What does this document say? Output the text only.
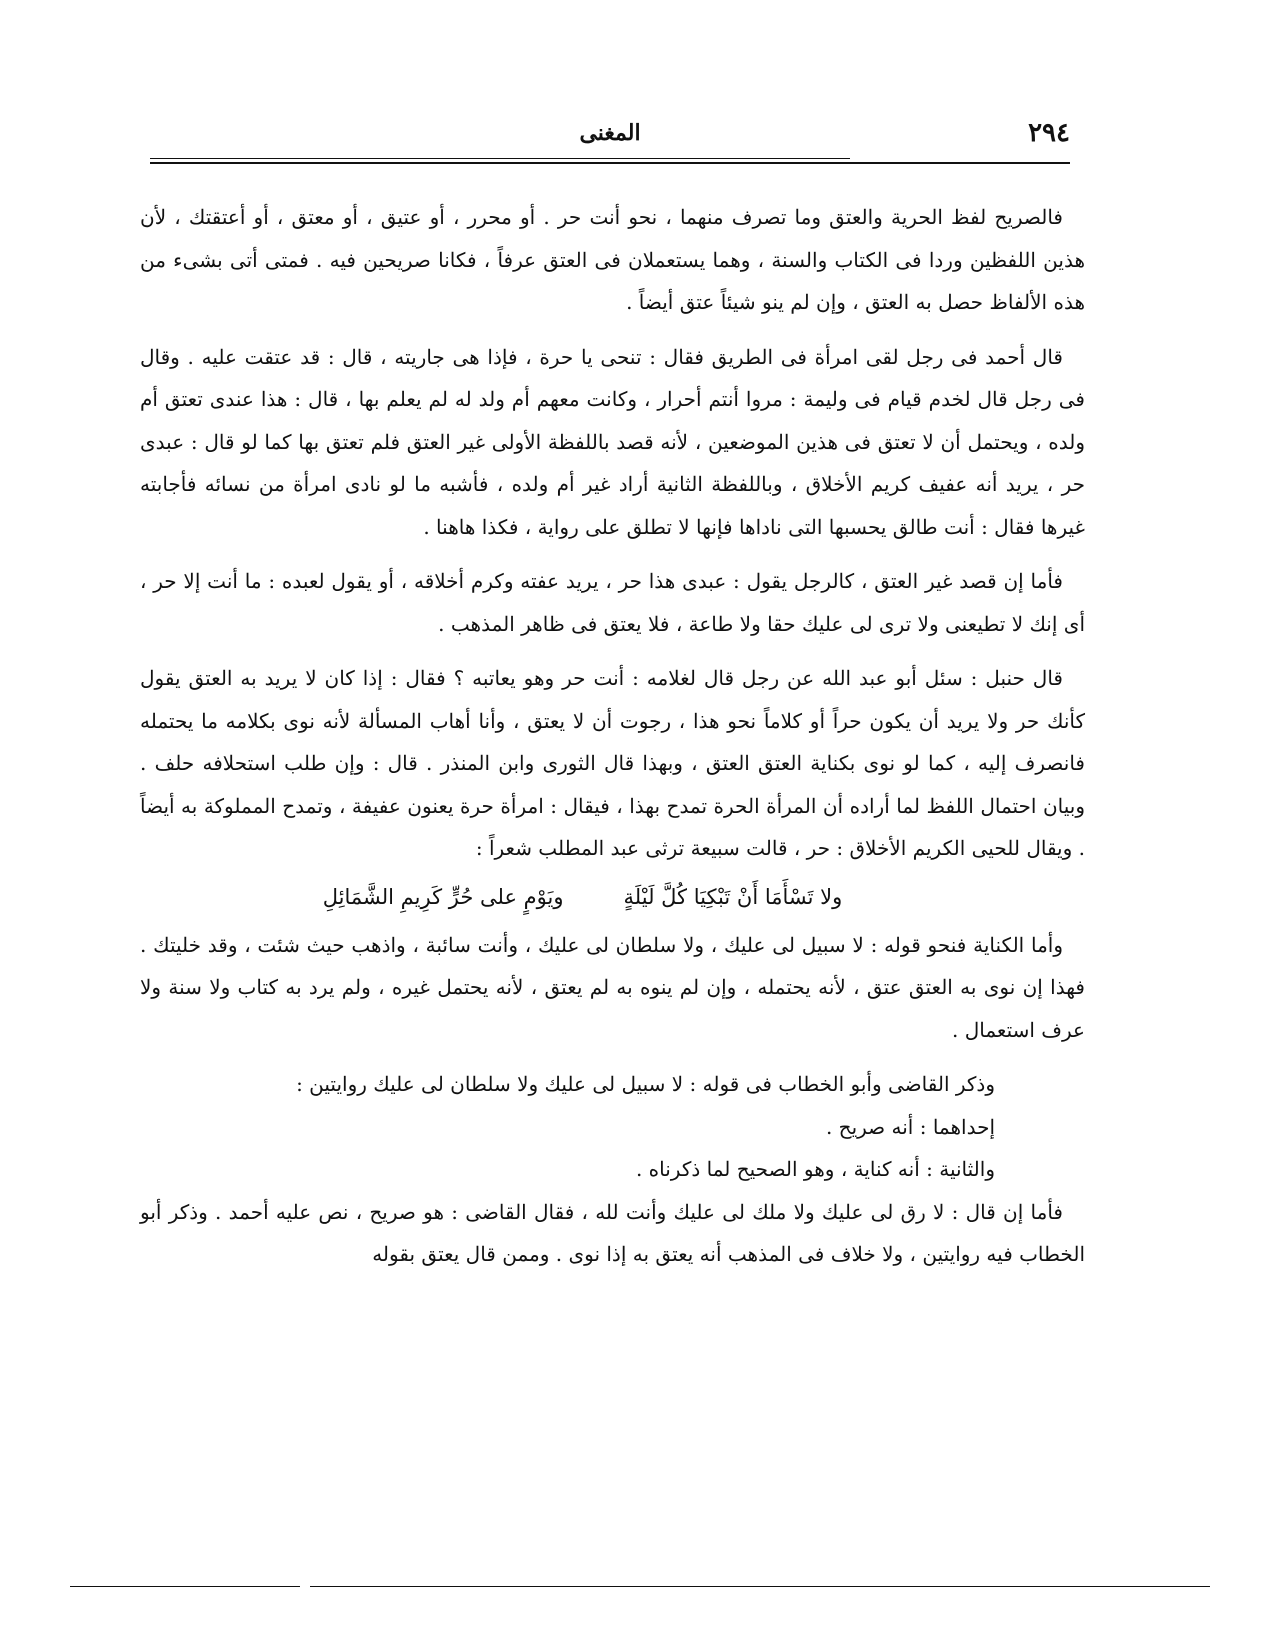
٢٩٤
المغنى

فالصريح لفظ الحرية والعتق وما تصرف منهما ، نحو أنت حر . أو محرر ، أو عتيق ، أو معتق ، أو أعتقتك ، لأن هذين اللفظين وردا فى الكتاب والسنة ، وهما يستعملان فى العتق عرفاً ، فكانا صريحين فيه . فمتى أتى بشىء من هذه الألفاظ حصل به العتق ، وإن لم ينو شيئاً عتق أيضاً .

قال أحمد فى رجل لقى امرأة فى الطريق فقال : تنحى يا حرة ، فإذا هى جاريته ، قال : قد عتقت عليه . وقال فى رجل قال لخدم قيام فى وليمة : مروا أنتم أحرار ، وكانت معهم أم ولد له لم يعلم بها ، قال : هذا عندى تعتق أم ولده ، ويحتمل أن لا تعتق فى هذين الموضعين ، لأنه قصد باللفظة الأولى غير العتق فلم تعتق بها كما لو قال : عبدى حر ، يريد أنه عفيف كريم الأخلاق ، وباللفظة الثانية أراد غير أم ولده ، فأشبه ما لو نادى امرأة من نسائه فأجابته غيرها فقال : أنت طالق يحسبها التى ناداها فإنها لا تطلق على رواية ، فكذا هاهنا .

فأما إن قصد غير العتق ، كالرجل يقول : عبدى هذا حر ، يريد عفته وكرم أخلاقه ، أو يقول لعبده : ما أنت إلا حر ، أى إنك لا تطيعنى ولا ترى لى عليك حقا ولا طاعة ، فلا يعتق فى ظاهر المذهب .

قال حنبل : سئل أبو عبد الله عن رجل قال لغلامه : أنت حر وهو يعاتبه ؟ فقال : إذا كان لا يريد به العتق يقول كأنك حر ولا يريد أن يكون حراً أو كلاماً نحو هذا ، رجوت أن لا يعتق ، وأنا أهاب المسألة لأنه نوى بكلامه ما يحتمله فانصرف إليه ، كما لو نوى بكناية العتق العتق ، وبهذا قال الثورى وابن المنذر . قال : وإن طلب استحلافه حلف . وبيان احتمال اللفظ لما أراده أن المرأة الحرة تمدح بهذا ، فيقال : امرأة حرة يعنون عفيفة ، وتمدح المملوكة به أيضاً . ويقال للحيى الكريم الأخلاق : حر ، قالت سبيعة ترثى عبد المطلب شعراً :

ولا تَسْأَمَا أَنْ تَبْكِيَا كُلَّ لَيْلَةٍ
ويَوْمٍ على حُرٍّ كَرِيمِ الشَّمَائِلِ

وأما الكناية فنحو قوله : لا سبيل لى عليك ، ولا سلطان لى عليك ، وأنت سائبة ، واذهب حيث شئت ، وقد خليتك . فهذا إن نوى به العتق عتق ، لأنه يحتمله ، وإن لم ينوه به لم يعتق ، لأنه يحتمل غيره ، ولم يرد به كتاب ولا سنة ولا عرف استعمال .

وذكر القاضى وأبو الخطاب فى قوله : لا سبيل لى عليك ولا سلطان لى عليك روايتين :

إحداهما : أنه صريح .

والثانية : أنه كناية ، وهو الصحيح لما ذكرناه .

فأما إن قال : لا رق لى عليك ولا ملك لى عليك وأنت لله ، فقال القاضى : هو صريح ، نص عليه أحمد . وذكر أبو الخطاب فيه روايتين ، ولا خلاف فى المذهب أنه يعتق به إذا نوى . وممن قال يعتق بقوله
